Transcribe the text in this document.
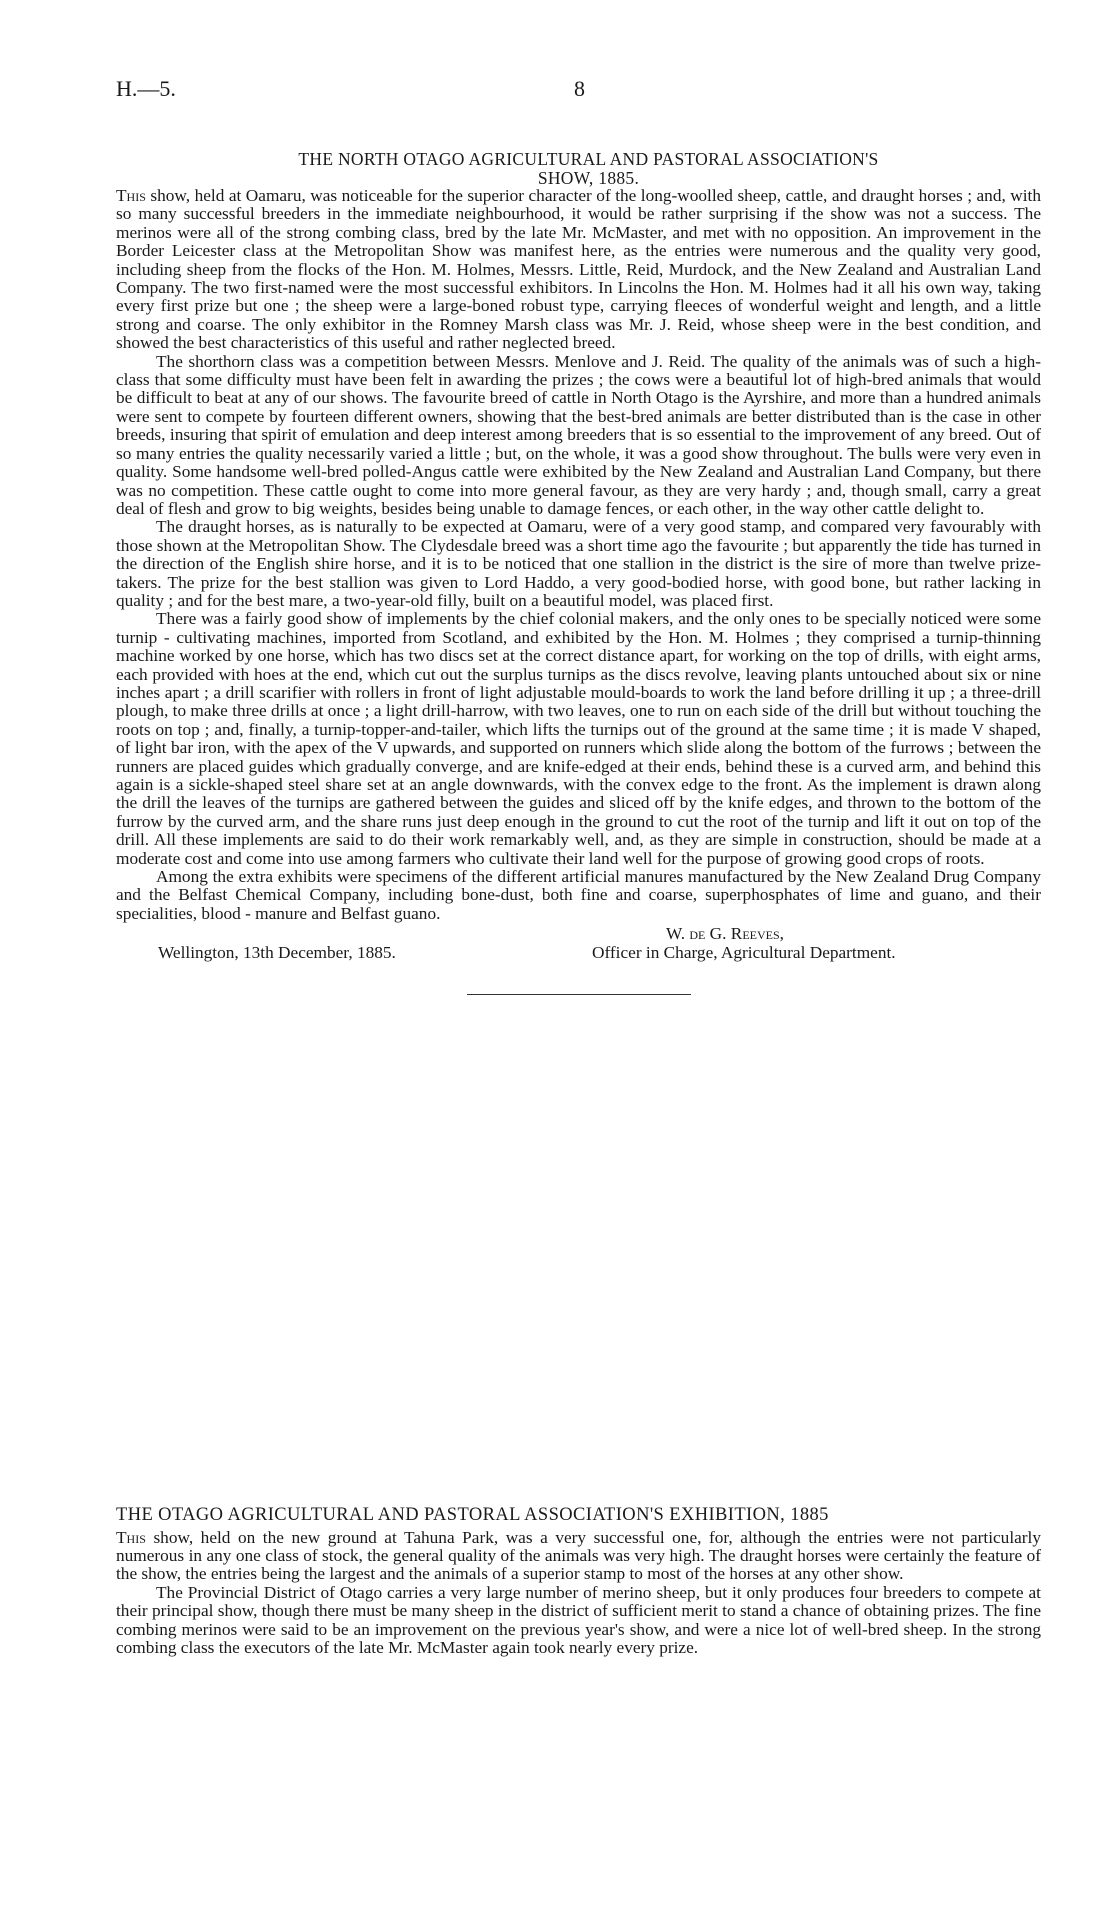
H.—5.	8
THE NORTH OTAGO AGRICULTURAL AND PASTORAL ASSOCIATION'S
SHOW, 1885.

This show, held at Oamaru, was noticeable for the superior character of the long-woolled sheep, cattle, and draught horses ; and, with so many successful breeders in the immediate neighbourhood, it would be rather surprising if the show was not a success. The merinos were all of the strong combing class, bred by the late Mr. McMaster, and met with no opposition. An improvement in the Border Leicester class at the Metropolitan Show was manifest here, as the entries were numerous and the quality very good, including sheep from the flocks of the Hon. M. Holmes, Messrs. Little, Reid, Murdock, and the New Zealand and Australian Land Company. The two first-named were the most successful exhibitors. In Lincolns the Hon. M. Holmes had it all his own way, taking every first prize but one ; the sheep were a large-boned robust type, carrying fleeces of wonderful weight and length, and a little strong and coarse. The only exhibitor in the Romney Marsh class was Mr. J. Reid, whose sheep were in the best condition, and showed the best characteristics of this useful and rather neglected breed.

The shorthorn class was a competition between Messrs. Menlove and J. Reid. The quality of the animals was of such a high-class that some difficulty must have been felt in awarding the prizes ; the cows were a beautiful lot of high-bred animals that would be difficult to beat at any of our shows. The favourite breed of cattle in North Otago is the Ayrshire, and more than a hundred animals were sent to compete by fourteen different owners, showing that the best-bred animals are better distributed than is the case in other breeds, insuring that spirit of emulation and deep interest among breeders that is so essential to the improvement of any breed. Out of so many entries the quality necessarily varied a little ; but, on the whole, it was a good show throughout. The bulls were very even in quality. Some handsome well-bred polled-Angus cattle were exhibited by the New Zealand and Australian Land Company, but there was no competition. These cattle ought to come into more general favour, as they are very hardy ; and, though small, carry a great deal of flesh and grow to big weights, besides being unable to damage fences, or each other, in the way other cattle delight to.

The draught horses, as is naturally to be expected at Oamaru, were of a very good stamp, and compared very favourably with those shown at the Metropolitan Show. The Clydesdale breed was a short time ago the favourite ; but apparently the tide has turned in the direction of the English shire horse, and it is to be noticed that one stallion in the district is the sire of more than twelve prize-takers. The prize for the best stallion was given to Lord Haddo, a very good-bodied horse, with good bone, but rather lacking in quality ; and for the best mare, a two-year-old filly, built on a beautiful model, was placed first.

There was a fairly good show of implements by the chief colonial makers, and the only ones to be specially noticed were some turnip - cultivating machines, imported from Scotland, and exhibited by the Hon. M. Holmes ; they comprised a turnip-thinning machine worked by one horse, which has two discs set at the correct distance apart, for working on the top of drills, with eight arms, each provided with hoes at the end, which cut out the surplus turnips as the discs revolve, leaving plants untouched about six or nine inches apart ; a drill scarifier with rollers in front of light adjustable mould-boards to work the land before drilling it up ; a three-drill plough, to make three drills at once ; a light drill-harrow, with two leaves, one to run on each side of the drill but without touching the roots on top ; and, finally, a turnip-topper-and-tailer, which lifts the turnips out of the ground at the same time ; it is made V shaped, of light bar iron, with the apex of the V upwards, and supported on runners which slide along the bottom of the furrows ; between the runners are placed guides which gradually converge, and are knife-edged at their ends, behind these is a curved arm, and behind this again is a sickle-shaped steel share set at an angle downwards, with the convex edge to the front. As the implement is drawn along the drill the leaves of the turnips are gathered between the guides and sliced off by the knife edges, and thrown to the bottom of the furrow by the curved arm, and the share runs just deep enough in the ground to cut the root of the turnip and lift it out on top of the drill. All these implements are said to do their work remarkably well, and, as they are simple in construction, should be made at a moderate cost and come into use among farmers who cultivate their land well for the purpose of growing good crops of roots.

Among the extra exhibits were specimens of the different artificial manures manufactured by the New Zealand Drug Company and the Belfast Chemical Company, including bone-dust, both fine and coarse, superphosphates of lime and guano, and their specialities, blood - manure and Belfast guano.

W. de G. Reeves,
Wellington, 13th December, 1885.	Officer in Charge, Agricultural Department.
THE OTAGO AGRICULTURAL AND PASTORAL ASSOCIATION'S EXHIBITION, 1885

This show, held on the new ground at Tahuna Park, was a very successful one, for, although the entries were not particularly numerous in any one class of stock, the general quality of the animals was very high. The draught horses were certainly the feature of the show, the entries being the largest and the animals of a superior stamp to most of the horses at any other show.

The Provincial District of Otago carries a very large number of merino sheep, but it only produces four breeders to compete at their principal show, though there must be many sheep in the district of sufficient merit to stand a chance of obtaining prizes. The fine combing merinos were said to be an improvement on the previous year's show, and were a nice lot of well-bred sheep. In the strong combing class the executors of the late Mr. McMaster again took nearly every prize.
